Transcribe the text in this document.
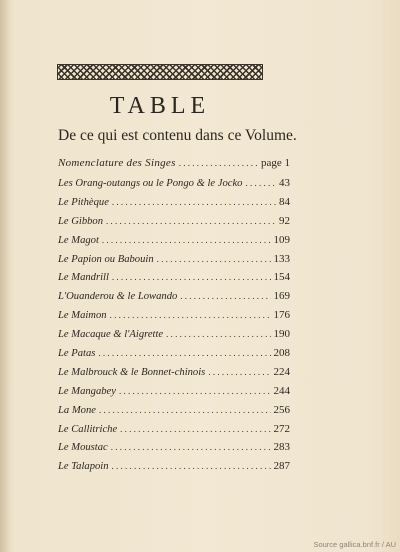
TABLE
De ce qui est contenu dans ce Volume.
Nomenclature des Singes . . .	page 1
Les Orang-outangs ou le Pongo & le Jocko . . .	43
Le Pithèque . . .	84
Le Gibbon . . .	92
Le Magot . . .	109
Le Papion ou Babouin . . .	133
Le Mandrill . . .	154
L'Ouanderou & le Lowando . . .	169
Le Maimon . . .	176
Le Macaque & l'Aigrette . . .	190
Le Patas . . .	208
Le Malbrouck & le Bonnet-chinois . . .	224
Le Mangabey . . .	244
La Mone . . .	256
Le Callitriche . . .	272
Le Moustac . . .	283
Le Talapoin . . .	287
Source gallica.bnf.fr / AU
